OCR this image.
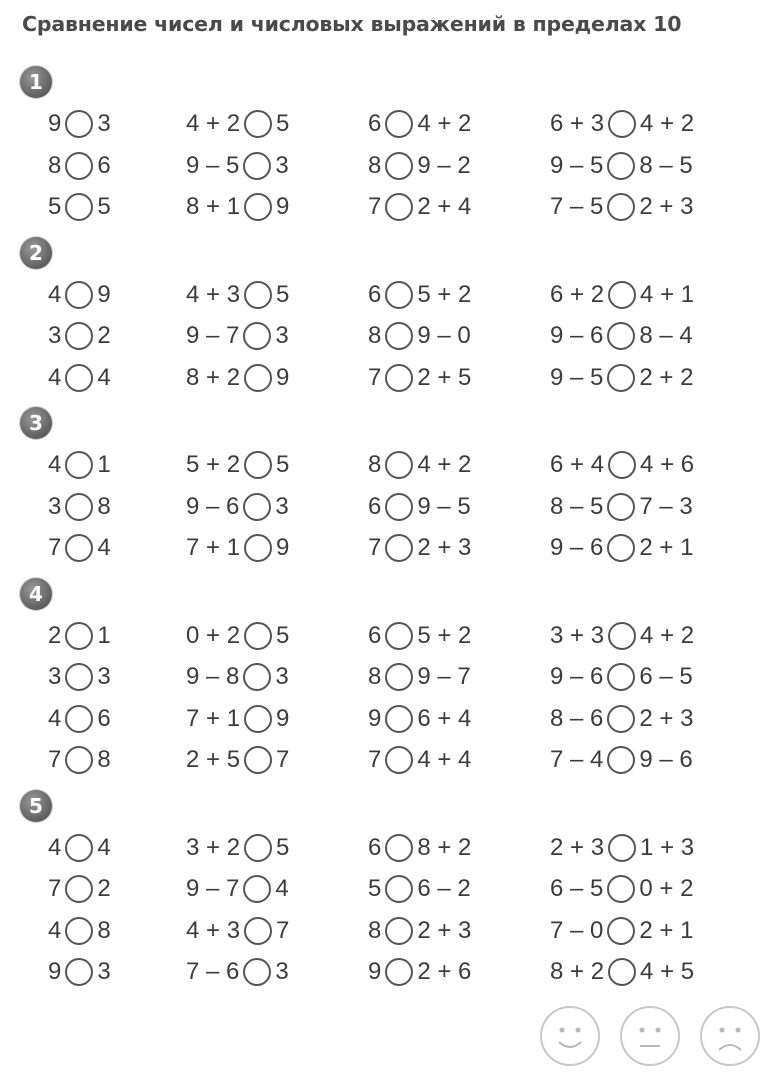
Сравнение чисел и числовых выражений в пределах 10
1
9 3	4 + 2 5	6 4 + 2	6 + 3 4 + 2
8 6	9 – 5 3	8 9 – 2	9 – 5 8 – 5
5 5	8 + 1 9	7 2 + 4	7 – 5 2 + 3
2
4 9	4 + 3 5	6 5 + 2	6 + 2 4 + 1
3 2	9 – 7 3	8 9 – 0	9 – 6 8 – 4
4 4	8 + 2 9	7 2 + 5	9 – 5 2 + 2
3
4 1	5 + 2 5	8 4 + 2	6 + 4 4 + 6
3 8	9 – 6 3	6 9 – 5	8 – 5 7 – 3
7 4	7 + 1 9	7 2 + 3	9 – 6 2 + 1
4
2 1	0 + 2 5	6 5 + 2	3 + 3 4 + 2
3 3	9 – 8 3	8 9 – 7	9 – 6 6 – 5
4 6	7 + 1 9	9 6 + 4	8 – 6 2 + 3
7 8	2 + 5 7	7 4 + 4	7 – 4 9 – 6
5
4 4	3 + 2 5	6 8 + 2	2 + 3 1 + 3
7 2	9 – 7 4	5 6 – 2	6 – 5 0 + 2
4 8	4 + 3 7	8 2 + 3	7 – 0 2 + 1
9 3	7 – 6 3	9 2 + 6	8 + 2 4 + 5
